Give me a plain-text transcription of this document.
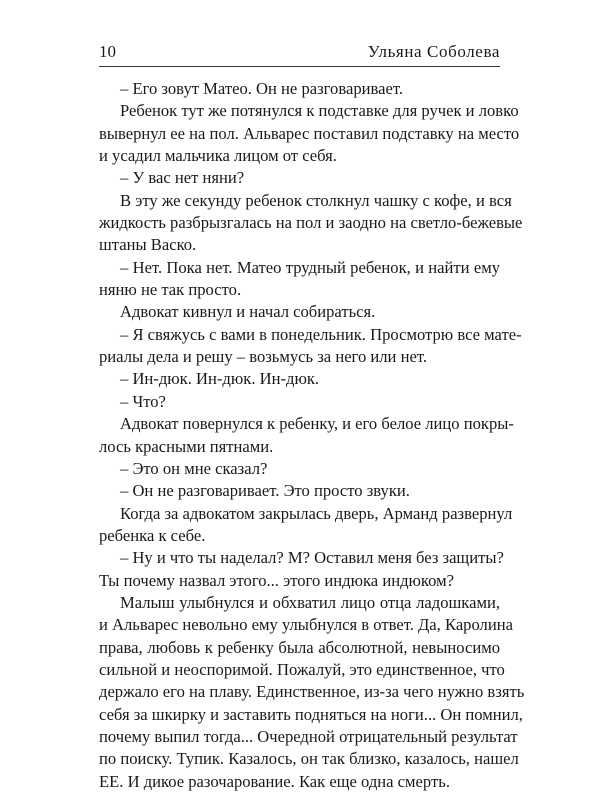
10	Ульяна Соболева
– Его зовут Матео. Он не разговаривает.
Ребенок тут же потянулся к подставке для ручек и ловко
вывернул ее на пол. Альварес поставил подставку на место
и усадил мальчика лицом от себя.
– У вас нет няни?
В эту же секунду ребенок столкнул чашку с кофе, и вся
жидкость разбрызгалась на пол и заодно на светло-бежевые
штаны Васко.
– Нет. Пока нет. Матео трудный ребенок, и найти ему
няню не так просто.
Адвокат кивнул и начал собираться.
– Я свяжусь с вами в понедельник. Просмотрю все мате-
риалы дела и решу – возьмусь за него или нет.
– Ин-дюк. Ин-дюк. Ин-дюк.
– Что?
Адвокат повернулся к ребенку, и его белое лицо покры-
лось красными пятнами.
– Это он мне сказал?
– Он не разговаривает. Это просто звуки.
Когда за адвокатом закрылась дверь, Арманд развернул
ребенка к себе.
– Ну и что ты наделал? М? Оставил меня без защиты?
Ты почему назвал этого... этого индюка индюком?
Малыш улыбнулся и обхватил лицо отца ладошками,
и Альварес невольно ему улыбнулся в ответ. Да, Каролина
права, любовь к ребенку была абсолютной, невыносимо
сильной и неоспоримой. Пожалуй, это единственное, что
держало его на плаву. Единственное, из-за чего нужно взять
себя за шкирку и заставить подняться на ноги... Он помнил,
почему выпил тогда... Очередной отрицательный результат
по поиску. Тупик. Казалось, он так близко, казалось, нашел
ЕЕ. И дикое разочарование. Как еще одна смерть.
